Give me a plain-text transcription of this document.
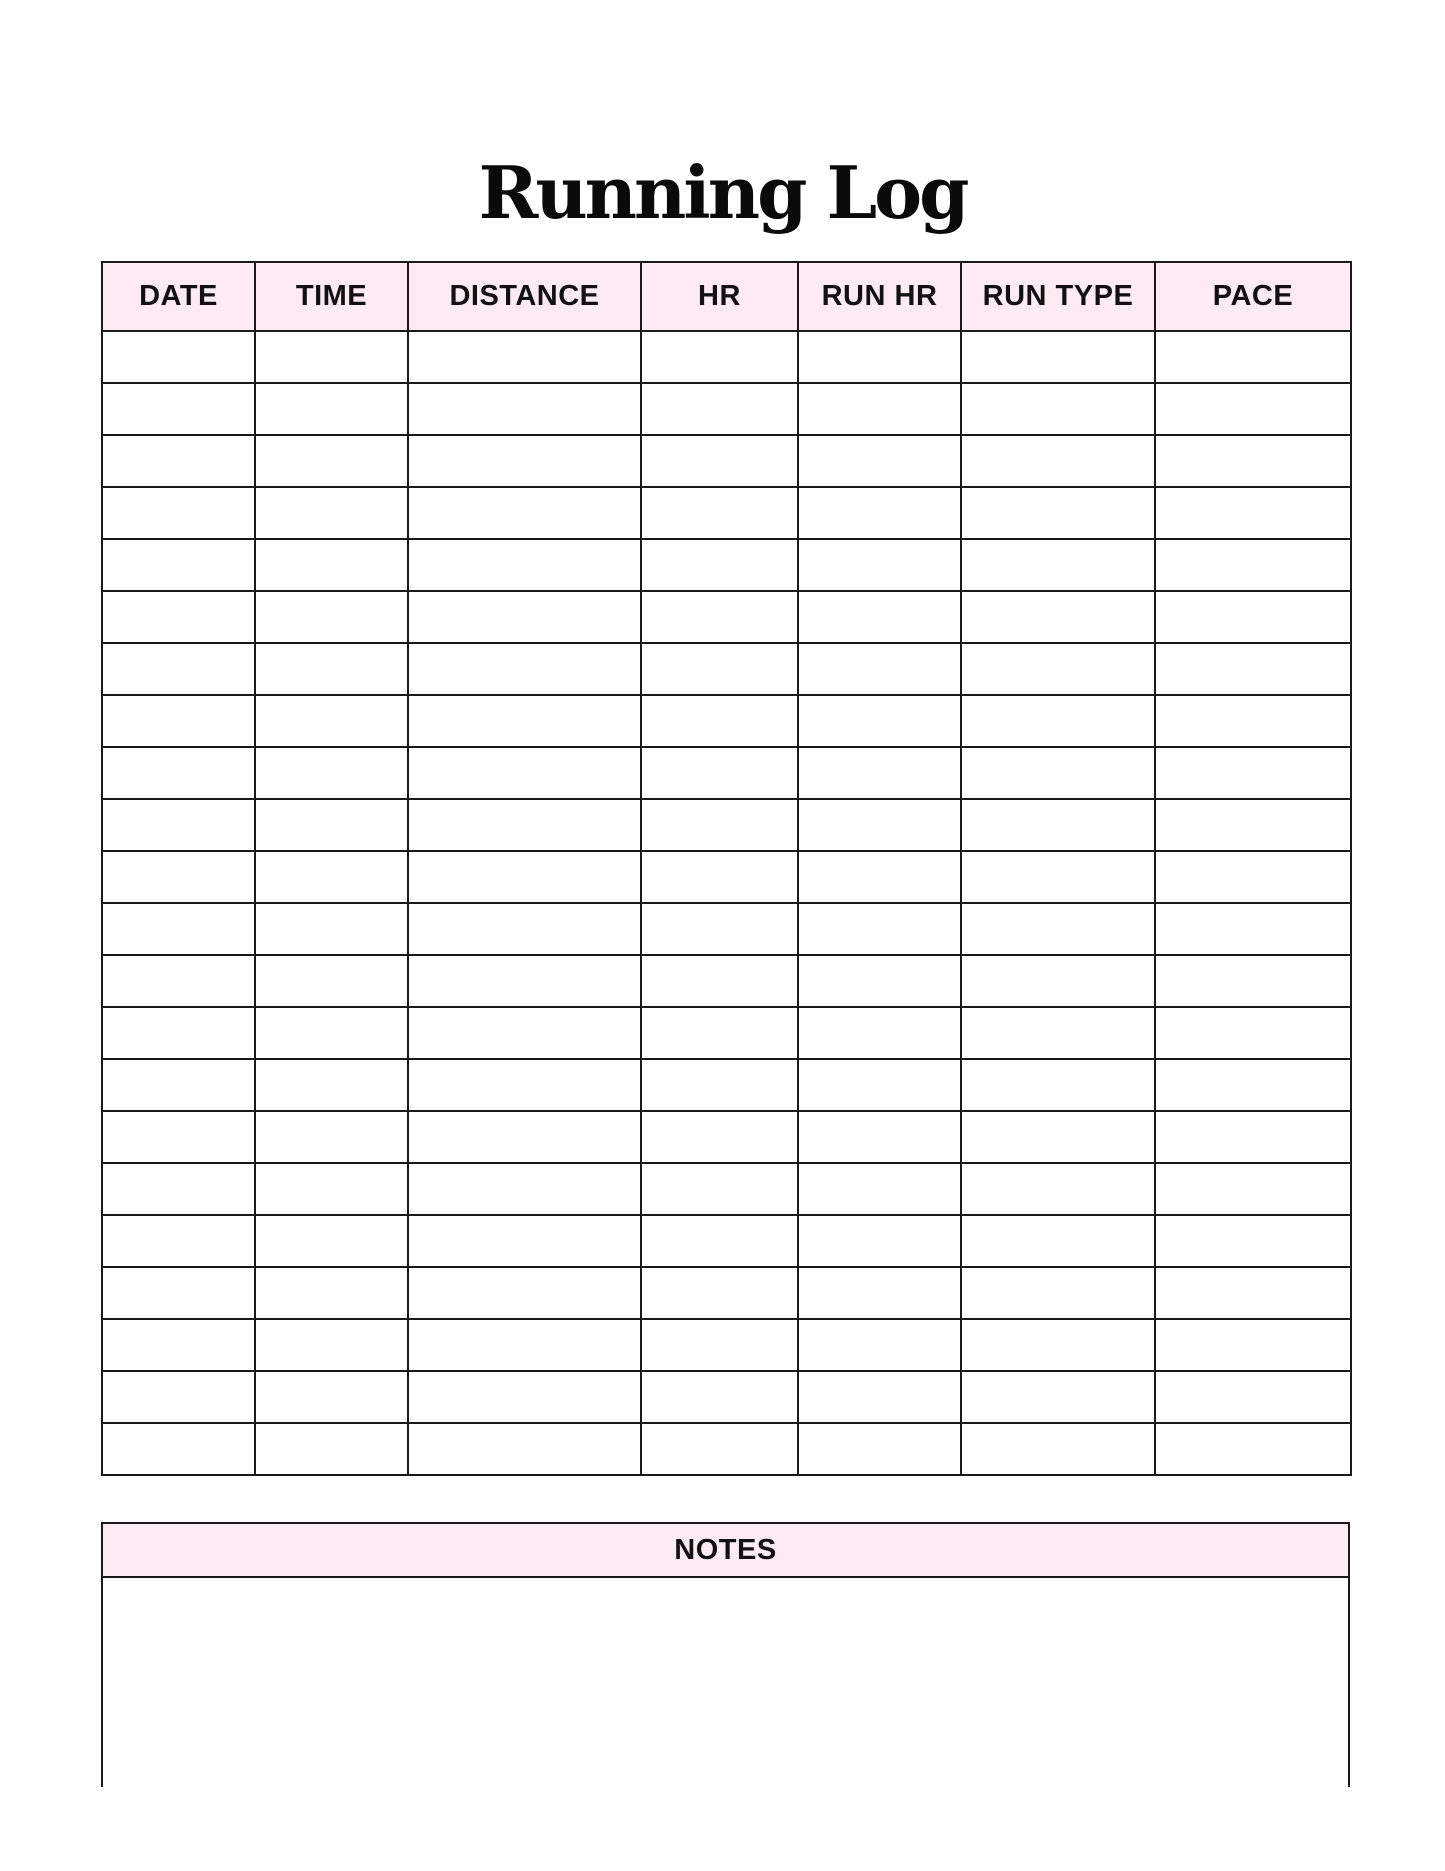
Running Log
DATE	TIME	DISTANCE	HR	RUN HR	RUN TYPE	PACE

NOTES
